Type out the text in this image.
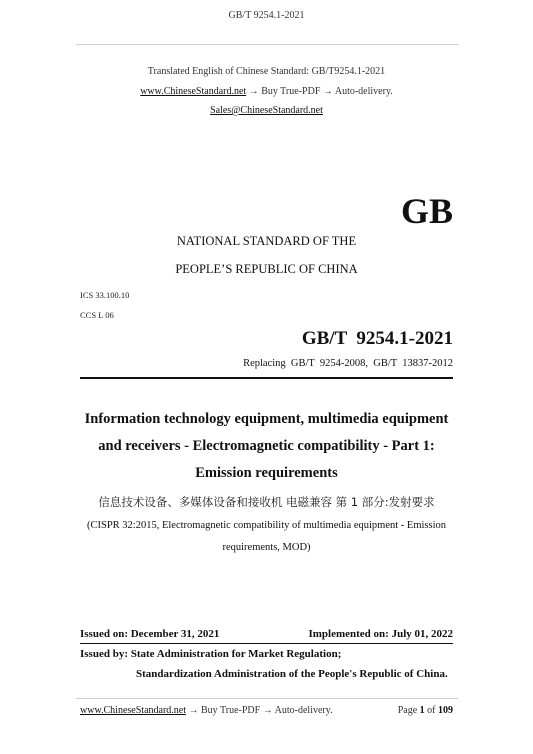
GB/T 9254.1-2021
Translated English of Chinese Standard: GB/T9254.1-2021
www.ChineseStandard.net → Buy True-PDF → Auto-delivery.
Sales@ChineseStandard.net
GB
NATIONAL STANDARD OF THE
PEOPLE’S REPUBLIC OF CHINA
ICS 33.100.10
CCS L 06
GB/T  9254.1-2021
Replacing  GB/T  9254-2008,  GB/T  13837-2012
Information technology equipment, multimedia equipment
and receivers - Electromagnetic compatibility - Part 1:
Emission requirements
信息技术设备、多媒体设备和接收机 电磁兼容 第 1 部分:发射要求
(CISPR 32:2015, Electromagnetic compatibility of multimedia equipment - Emission
requirements, MOD)
Issued on: December 31, 2021	Implemented on: July 01, 2022
Issued by: State Administration for Market Regulation;
Standardization Administration of the People's Republic of China.
www.ChineseStandard.net → Buy True-PDF → Auto-delivery.	Page 1 of 109
